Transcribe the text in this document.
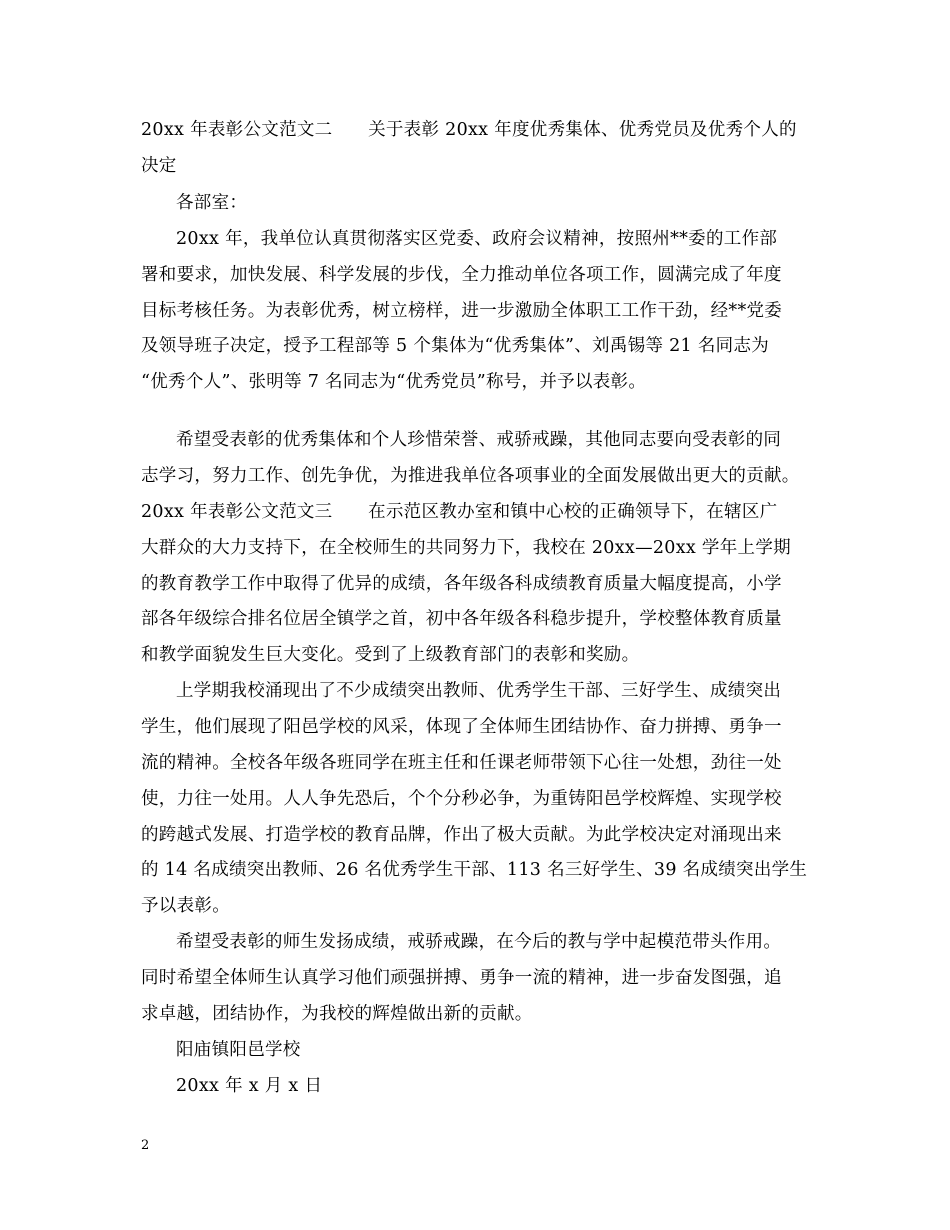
20xx 年表彰公文范文二　　关于表彰 20xx 年度优秀集体、优秀党员及优秀个人的
决定
各部室：
20xx 年，我单位认真贯彻落实区党委、政府会议精神，按照州**委的工作部
署和要求，加快发展、科学发展的步伐，全力推动单位各项工作，圆满完成了年度
目标考核任务。为表彰优秀，树立榜样，进一步激励全体职工工作干劲，经**党委
及领导班子决定，授予工程部等 5 个集体为“优秀集体”、刘禹锡等 21 名同志为
“优秀个人”、张明等 7 名同志为“优秀党员”称号，并予以表彰。
希望受表彰的优秀集体和个人珍惜荣誉、戒骄戒躁，其他同志要向受表彰的同
志学习，努力工作、创先争优，为推进我单位各项事业的全面发展做出更大的贡献。
20xx 年表彰公文范文三　　在示范区教办室和镇中心校的正确领导下，在辖区广
大群众的大力支持下，在全校师生的共同努力下，我校在 20xx—20xx 学年上学期
的教育教学工作中取得了优异的成绩，各年级各科成绩教育质量大幅度提高，小学
部各年级综合排名位居全镇学之首，初中各年级各科稳步提升，学校整体教育质量
和教学面貌发生巨大变化。受到了上级教育部门的表彰和奖励。
上学期我校涌现出了不少成绩突出教师、优秀学生干部、三好学生、成绩突出
学生，他们展现了阳邑学校的风采，体现了全体师生团结协作、奋力拼搏、勇争一
流的精神。全校各年级各班同学在班主任和任课老师带领下心往一处想，劲往一处
使，力往一处用。人人争先恐后，个个分秒必争，为重铸阳邑学校辉煌、实现学校
的跨越式发展、打造学校的教育品牌，作出了极大贡献。为此学校决定对涌现出来
的 14 名成绩突出教师、26 名优秀学生干部、113 名三好学生、39 名成绩突出学生
予以表彰。
希望受表彰的师生发扬成绩，戒骄戒躁，在今后的教与学中起模范带头作用。
同时希望全体师生认真学习他们顽强拼搏、勇争一流的精神，进一步奋发图强，追
求卓越，团结协作，为我校的辉煌做出新的贡献。
阳庙镇阳邑学校
20xx 年 x 月 x 日
2
